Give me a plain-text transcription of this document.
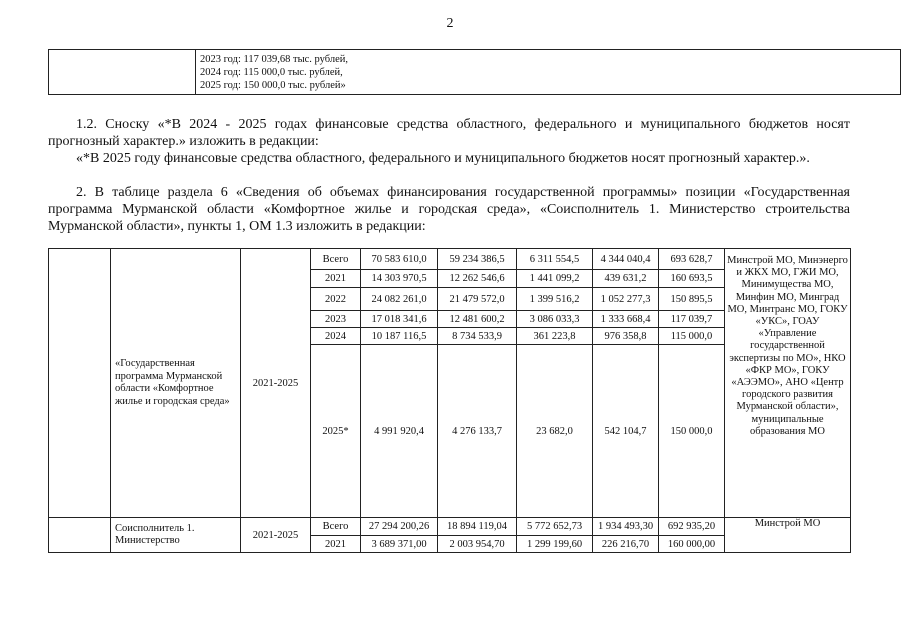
2

2023 год: 117 039,68 тыс. рублей,
2024 год: 115 000,0 тыс. рублей,
2025 год: 150 000,0 тыс. рублей»
1.2. Сноску «*В 2024 - 2025 годах финансовые средства областного, федерального и муниципального бюджетов носят прогнозный характер.» изложить в редакции:
«*В 2025 году финансовые средства областного, федерального и муниципального бюджетов носят прогнозный характер.».
2. В таблице раздела 6 «Сведения об объемах финансирования государственной программы» позиции «Государственная программа Мурманской области «Комфортное жилье и городская среда», «Соисполнитель 1. Министерство строительства Мурманской области», пункты 1, ОМ 1.3 изложить в редакции:
	«Государственная программа Мурманской области «Комфортное жилье и городская среда»	2021-2025	Всего	70 583 610,0	59 234 386,5	6 311 554,5	4 344 040,4	693 628,7	Минстрой МО, Минэнерго и ЖКХ МО, ГЖИ МО, Минимущества МО, Минфин МО, Минград МО, Минтранс МО, ГОКУ «УКС», ГОАУ «Управление государственной экспертизы по МО», НКО «ФКР МО», ГОКУ «АЭЭМО», АНО «Центр городского развития Мурманской области», муниципальные образования МО
			2021	14 303 970,5	12 262 546,6	1 441 099,2	439 631,2	160 693,5	
			2022	24 082 261,0	21 479 572,0	1 399 516,2	1 052 277,3	150 895,5	
			2023	17 018 341,6	12 481 600,2	3 086 033,3	1 333 668,4	117 039,7	
			2024	10 187 116,5	8 734 533,9	361 223,8	976 358,8	115 000,0	
			2025*	4 991 920,4	4 276 133,7	23 682,0	542 104,7	150 000,0	
	Соисполнитель 1. Министерство	2021-2025	Всего	27 294 200,26	18 894 119,04	5 772 652,73	1 934 493,30	692 935,20	Минстрой МО
			2021	3 689 371,00	2 003 954,70	1 299 199,60	226 216,70	160 000,00	
